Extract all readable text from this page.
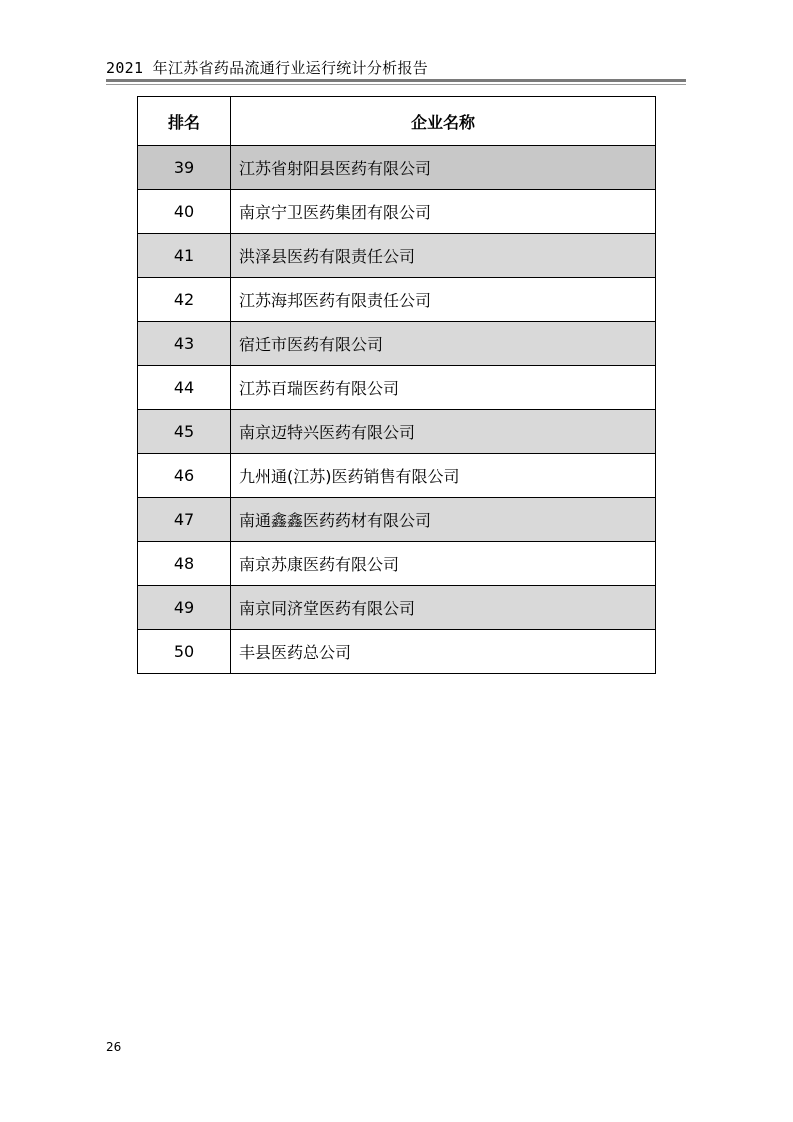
2021 年江苏省药品流通行业运行统计分析报告
排名	企业名称
39	江苏省射阳县医药有限公司
40	南京宁卫医药集团有限公司
41	洪泽县医药有限责任公司
42	江苏海邦医药有限责任公司
43	宿迁市医药有限公司
44	江苏百瑞医药有限公司
45	南京迈特兴医药有限公司
46	九州通(江苏)医药销售有限公司
47	南通鑫鑫医药药材有限公司
48	南京苏康医药有限公司
49	南京同济堂医药有限公司
50	丰县医药总公司
26
